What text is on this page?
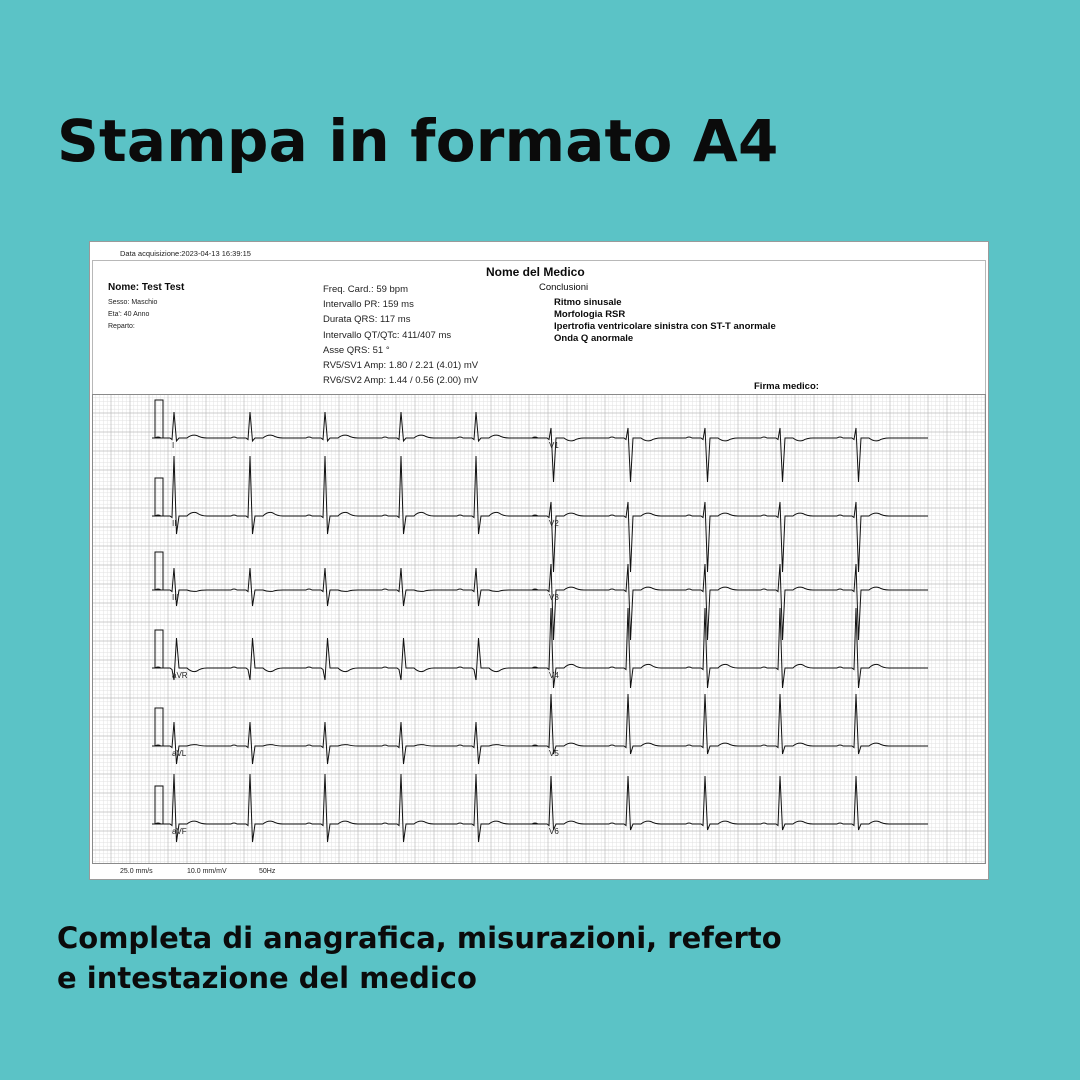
Stampa in formato A4
Data acquisizione:2023-04-13 16:39:15
Nome del Medico
Nome: Test Test
Sesso: Maschio
Eta': 40 Anno
Reparto:
Freq. Card.: 59 bpm
Intervallo PR: 159 ms
Durata QRS: 117 ms
Intervallo QT/QTc: 411/407 ms
Asse QRS: 51 °
RV5/SV1 Amp: 1.80 / 2.21 (4.01) mV
RV6/SV2 Amp: 1.44 / 0.56 (2.00) mV
Conclusioni
Ritmo sinusale
Morfologia RSR
Ipertrofia ventricolare sinistra con ST-T anormale
Onda Q anormale
Firma medico:
I	V1
II	V2
III	V3
aVR	V4
aVL	V5
aVF	V6
25.0 mm/s	10.0 mm/mV	50Hz
Completa di anagrafica, misurazioni, referto
e intestazione del medico
